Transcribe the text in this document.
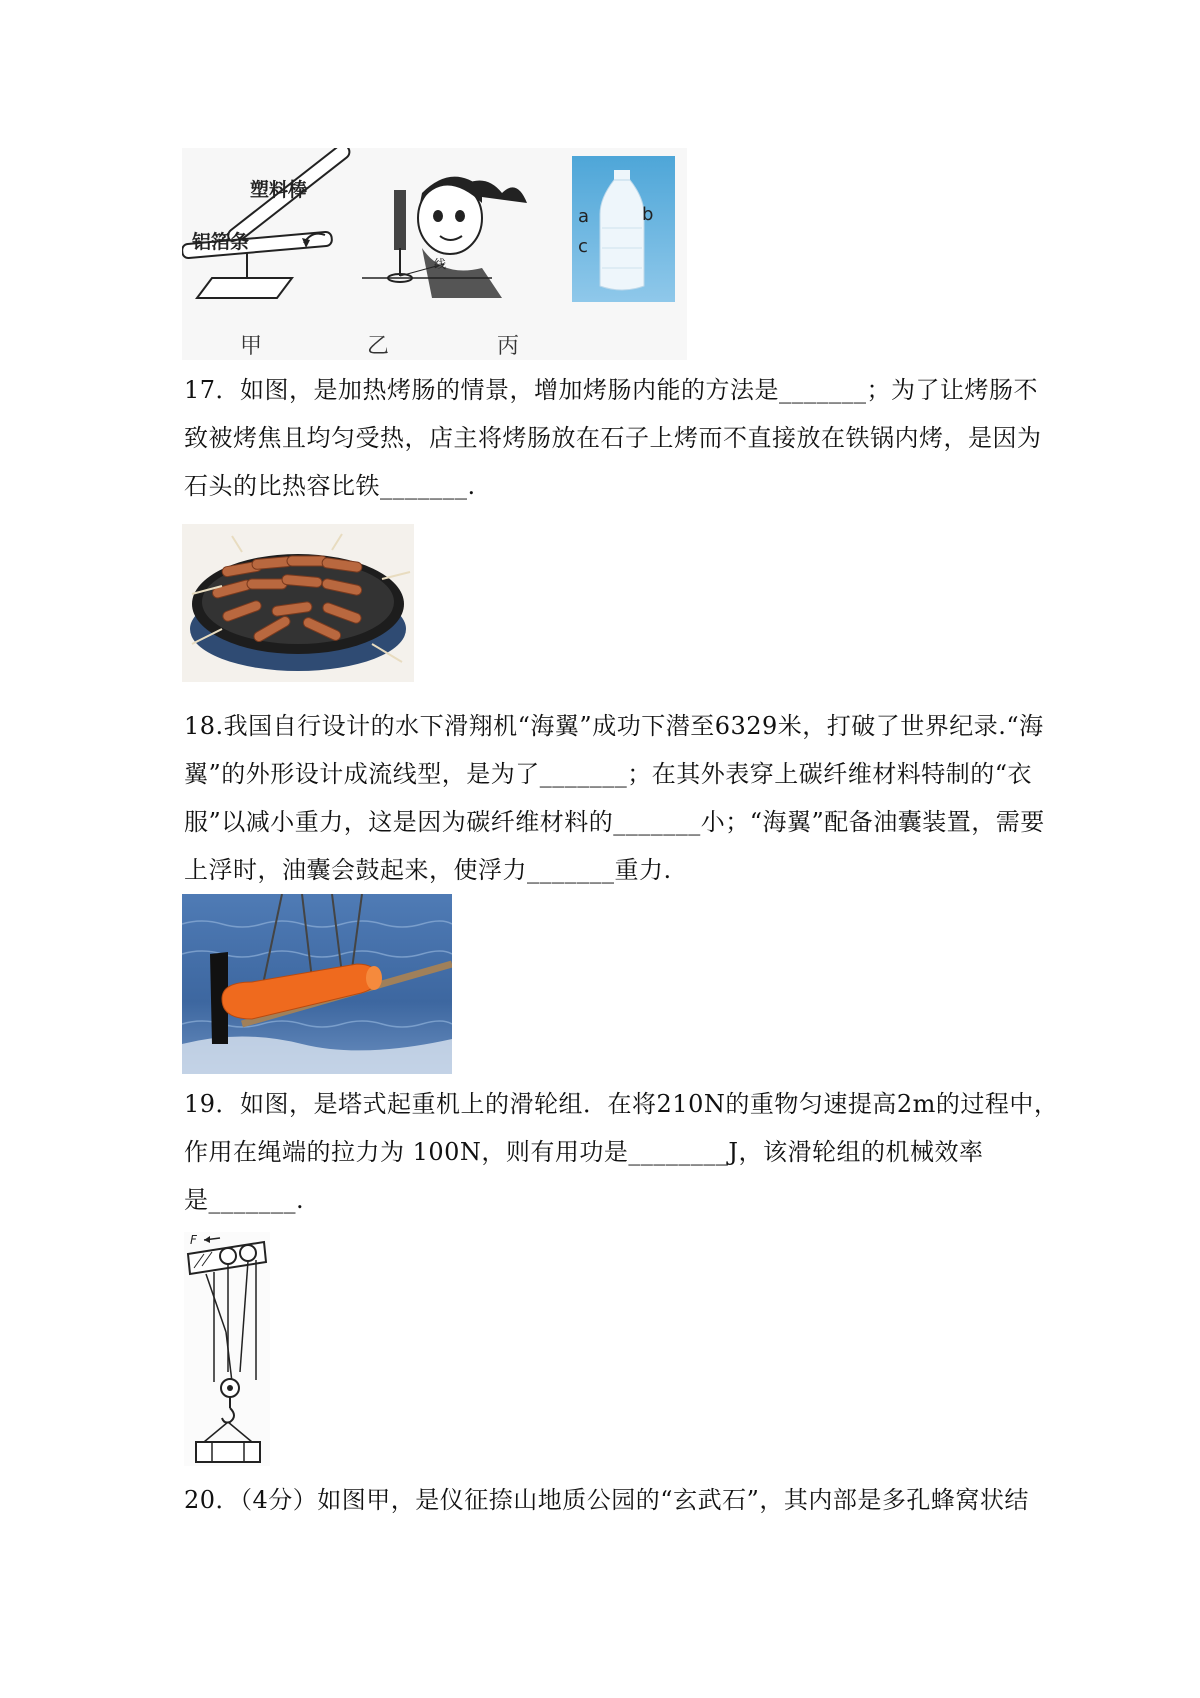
塑料棒
铝箔条
甲
线
乙
a	b
c
丙
17．如图，是加热烤肠的情景，增加烤肠内能的方法是_______；为了让烤肠不
致被烤焦且均匀受热，店主将烤肠放在石子上烤而不直接放在铁锅内烤，是因为
石头的比热容比铁_______.
18.我国自行设计的水下滑翔机“海翼”成功下潜至6329米，打破了世界纪录.“海
翼”的外形设计成流线型，是为了_______；在其外表穿上碳纤维材料特制的“衣
服”以减小重力，这是因为碳纤维材料的_______小；“海翼”配备油囊装置，需要
上浮时，油囊会鼓起来，使浮力_______重力.
19．如图，是塔式起重机上的滑轮组．在将210N的重物匀速提高2m的过程中，
作用在绳端的拉力为 100N，则有用功是________J，该滑轮组的机械效率
是_______.
F
20．（4分）如图甲，是仪征捺山地质公园的“玄武石”，其内部是多孔蜂窝状结
